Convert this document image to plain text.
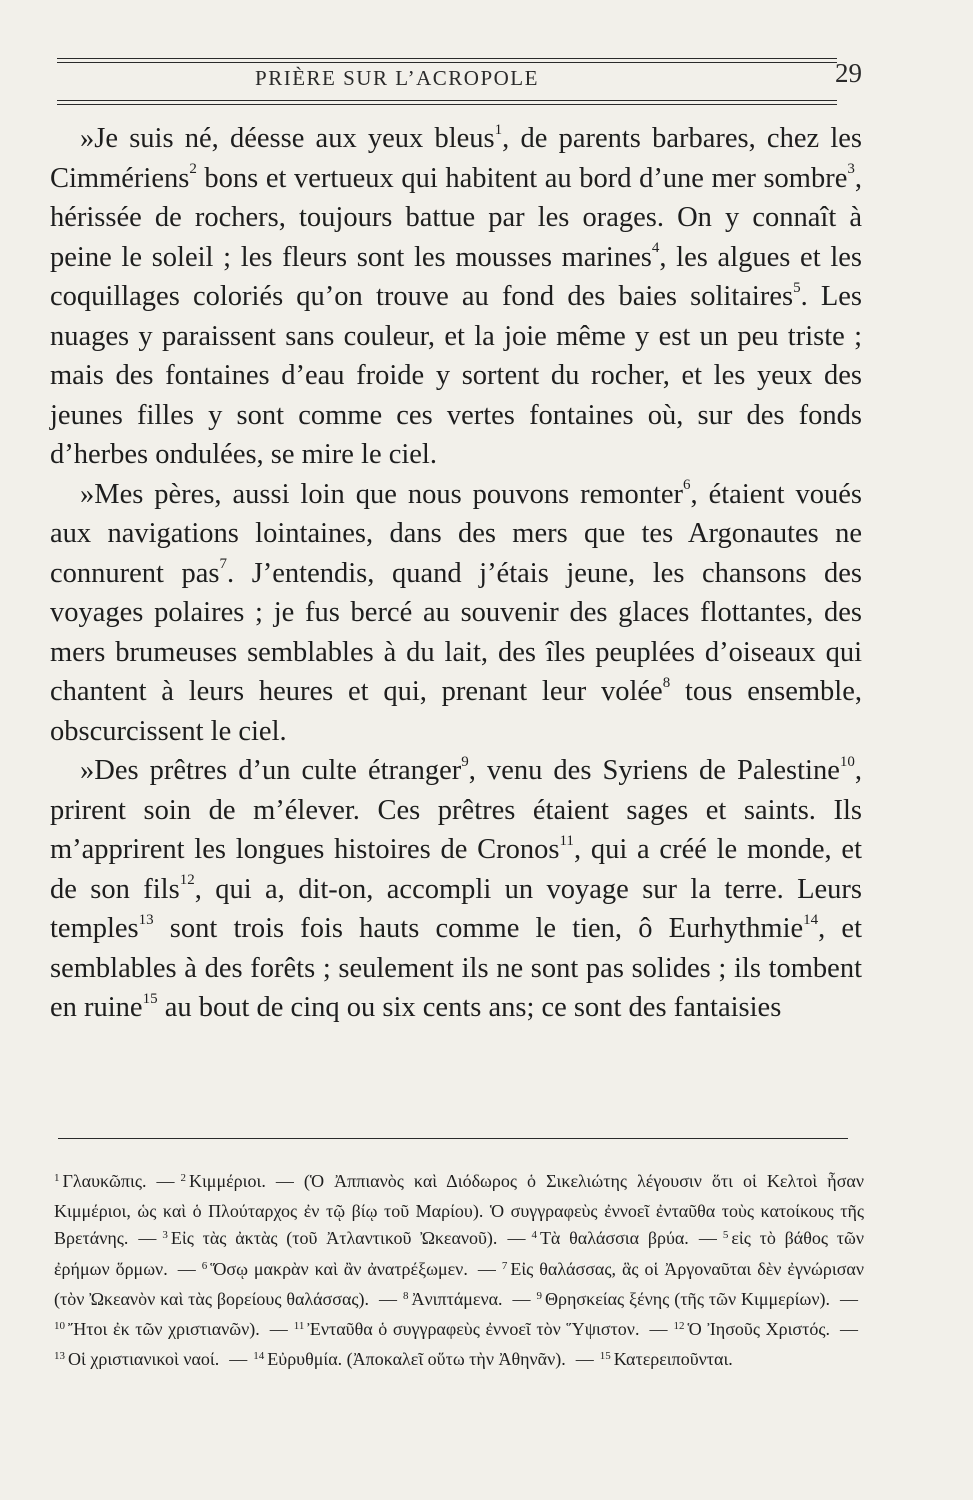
PRIÈRE SUR L’ACROPOLE	29

»Je suis né, déesse aux yeux bleus$^1$, de parents barbares, chez les Cimmériens$^2$ bons et vertueux qui habitent au bord d’une mer sombre$^3$, hérissée de rochers, toujours battue par les orages. On y connaît à peine le soleil ; les fleurs sont les mousses marines$^4$, les algues et les coquillages coloriés qu’on trouve au fond des baies solitaires$^5$. Les nuages y paraissent sans couleur, et la joie même y est un peu triste ; mais des fontaines d’eau froide y sortent du rocher, et les yeux des jeunes filles y sont comme ces vertes fontaines où, sur des fonds d’herbes ondulées, se mire le ciel.

»Mes pères, aussi loin que nous pouvons remonter$^6$, étaient voués aux navigations lointaines, dans des mers que tes Argonautes ne connurent pas$^7$. J’entendis, quand j’étais jeune, les chansons des voyages polaires ; je fus bercé au souvenir des glaces flottantes, des mers brumeuses semblables à du lait, des îles peuplées d’oiseaux qui chantent à leurs heures et qui, prenant leur volée$^8$ tous ensemble, obscurcissent le ciel.

»Des prêtres d’un culte étranger$^9$, venu des Syriens de Palestine$^{10}$, prirent soin de m’élever. Ces prêtres étaient sages et saints. Ils m’apprirent les longues histoires de Cronos$^{11}$, qui a créé le monde, et de son fils$^{12}$, qui a, dit-on, accompli un voyage sur la terre. Leurs temples$^{13}$ sont trois fois hauts comme le tien, ô Eurhythmie$^{14}$, et semblables à des forêts ; seulement ils ne sont pas solides ; ils tombent en ruine$^{15}$ au bout de cinq ou six cents ans; ce sont des fantaisies

$^1$ Γλαυκῶπις. — $^2$ Κιμμέριοι. — (Ὁ Ἀππιανὸς καὶ Διόδωρος ὁ Σικελιώτης λέγουσιν ὅτι οἱ Κελτοὶ ἦσαν Κιμμέριοι, ὡς καὶ ὁ Πλούταρχος ἐν τῷ βίῳ τοῦ Μαρίου). Ὁ συγγραφεὺς ἐννοεῖ ἐνταῦθα τοὺς κατοίκους τῆς Βρετάνης. — $^3$ Εἰς τὰς ἀκτὰς (τοῦ Ἀτλαντικοῦ Ὠκεανοῦ). — $^4$ Τὰ θαλάσσια βρύα. — $^5$ εἰς τὸ βάθος τῶν ἐρήμων ὅρμων. — $^6$ Ὅσῳ μακρὰν καὶ ἂν ἀνατρέξωμεν. — $^7$ Εἰς θαλάσσας, ἃς οἱ Ἀργοναῦται δὲν ἐγνώρισαν (τὸν Ὠκεανὸν καὶ τὰς βορείους θαλάσσας). — $^8$ Ἀνιπτάμενα. — $^9$ Θρησκείας ξένης (τῆς τῶν Κιμμερίων). —$^{10}$ Ἤτοι ἐκ τῶν χριστιανῶν). — $^{11}$ Ἐνταῦθα ὁ συγγραφεὺς ἐννοεῖ τὸν Ὕψιστον. — $^{12}$ Ὁ Ἰησοῦς Χριστός. —$^{13}$ Οἱ χριστιανικοὶ ναοί. — $^{14}$ Εὐρυθμία. (Ἀποκαλεῖ οὕτω τὴν Ἀθηνᾶν). — $^{15}$ Κατερειποῦνται.
